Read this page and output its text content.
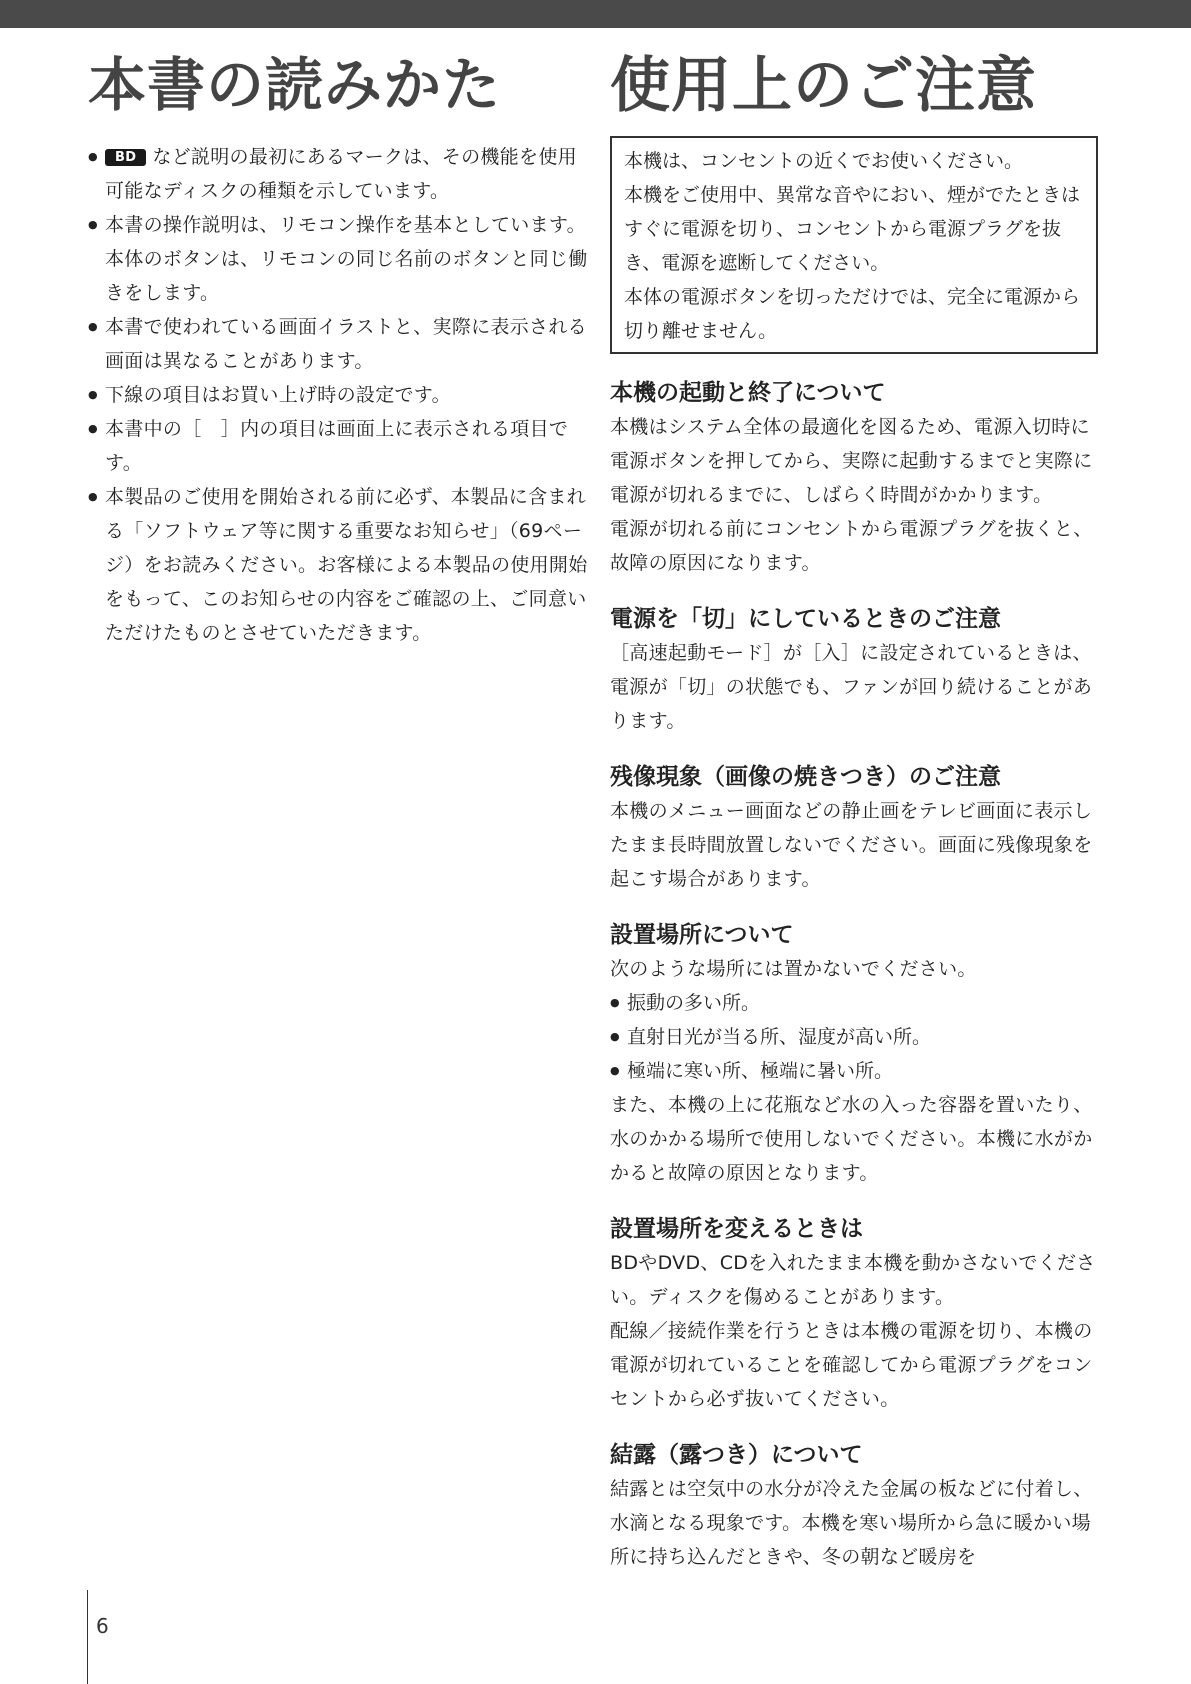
本書の読みかた

● BD など説明の最初にあるマークは、その機能を使用可能なディスクの種類を示しています。

● 本書の操作説明は、リモコン操作を基本としています。本体のボタンは、リモコンの同じ名前のボタンと同じ働きをします。

● 本書で使われている画面イラストと、実際に表示される画面は異なることがあります。

● 下線の項目はお買い上げ時の設定です。

● 本書中の［　］内の項目は画面上に表示される項目です。

● 本製品のご使用を開始される前に必ず、本製品に含まれる「ソフトウェア等に関する重要なお知らせ」（69ページ）をお読みください。お客様による本製品の使用開始をもって、このお知らせの内容をご確認の上、ご同意いただけたものとさせていただきます。

使用上のご注意

本機は、コンセントの近くでお使いください。

本機をご使用中、異常な音やにおい、煙がでたときはすぐに電源を切り、コンセントから電源プラグを抜き、電源を遮断してください。

本体の電源ボタンを切っただけでは、完全に電源から切り離せません。

本機の起動と終了について

本機はシステム全体の最適化を図るため、電源入切時に電源ボタンを押してから、実際に起動するまでと実際に電源が切れるまでに、しばらく時間がかかります。

電源が切れる前にコンセントから電源プラグを抜くと、故障の原因になります。

電源を「切」にしているときのご注意

［高速起動モード］が［入］に設定されているときは、電源が「切」の状態でも、ファンが回り続けることがあります。

残像現象（画像の焼きつき）のご注意

本機のメニュー画面などの静止画をテレビ画面に表示したまま長時間放置しないでください。画面に残像現象を起こす場合があります。

設置場所について

次のような場所には置かないでください。

● 振動の多い所。
● 直射日光が当る所、湿度が高い所。
● 極端に寒い所、極端に暑い所。

また、本機の上に花瓶など水の入った容器を置いたり、水のかかる場所で使用しないでください。本機に水がかかると故障の原因となります。

設置場所を変えるときは

BDやDVD、CDを入れたまま本機を動かさないでください。ディスクを傷めることがあります。

配線／接続作業を行うときは本機の電源を切り、本機の電源が切れていることを確認してから電源プラグをコンセントから必ず抜いてください。

結露（露つき）について

結露とは空気中の水分が冷えた金属の板などに付着し、水滴となる現象です。本機を寒い場所から急に暖かい場所に持ち込んだときや、冬の朝など暖房を

6
